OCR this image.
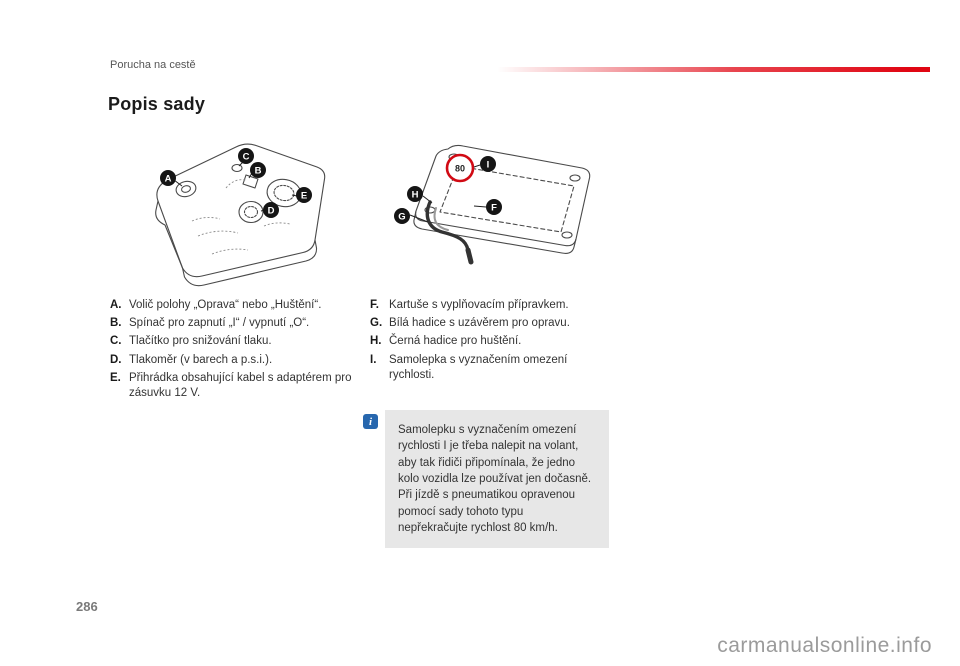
Porucha na cestě
Popis sady
A
B
C
D
E
80 I
H
G
F
A. Volič polohy „Oprava“ nebo „Huštění“.
B. Spínač pro zapnutí „I“ / vypnutí „O“.
C. Tlačítko pro snižování tlaku.
D. Tlakoměr (v barech a p.s.i.).
E. Přihrádka obsahující kabel s adaptérem pro zásuvku 12 V.
F. Kartuše s vyplňovacím přípravkem.
G. Bílá hadice s uzávěrem pro opravu.
H. Černá hadice pro huštění.
I.	Samolepka s vyznačením omezení rychlosti.
i

Samolepku s vyznačením omezení rychlosti I je třeba nalepit na volant, aby tak řidiči připomínala, že jedno kolo vozidla lze používat jen dočasně.

Při jízdě s pneumatikou opravenou pomocí sady tohoto typu nepřekračujte rychlost 80 km/h.

286
carmanualsonline.info
